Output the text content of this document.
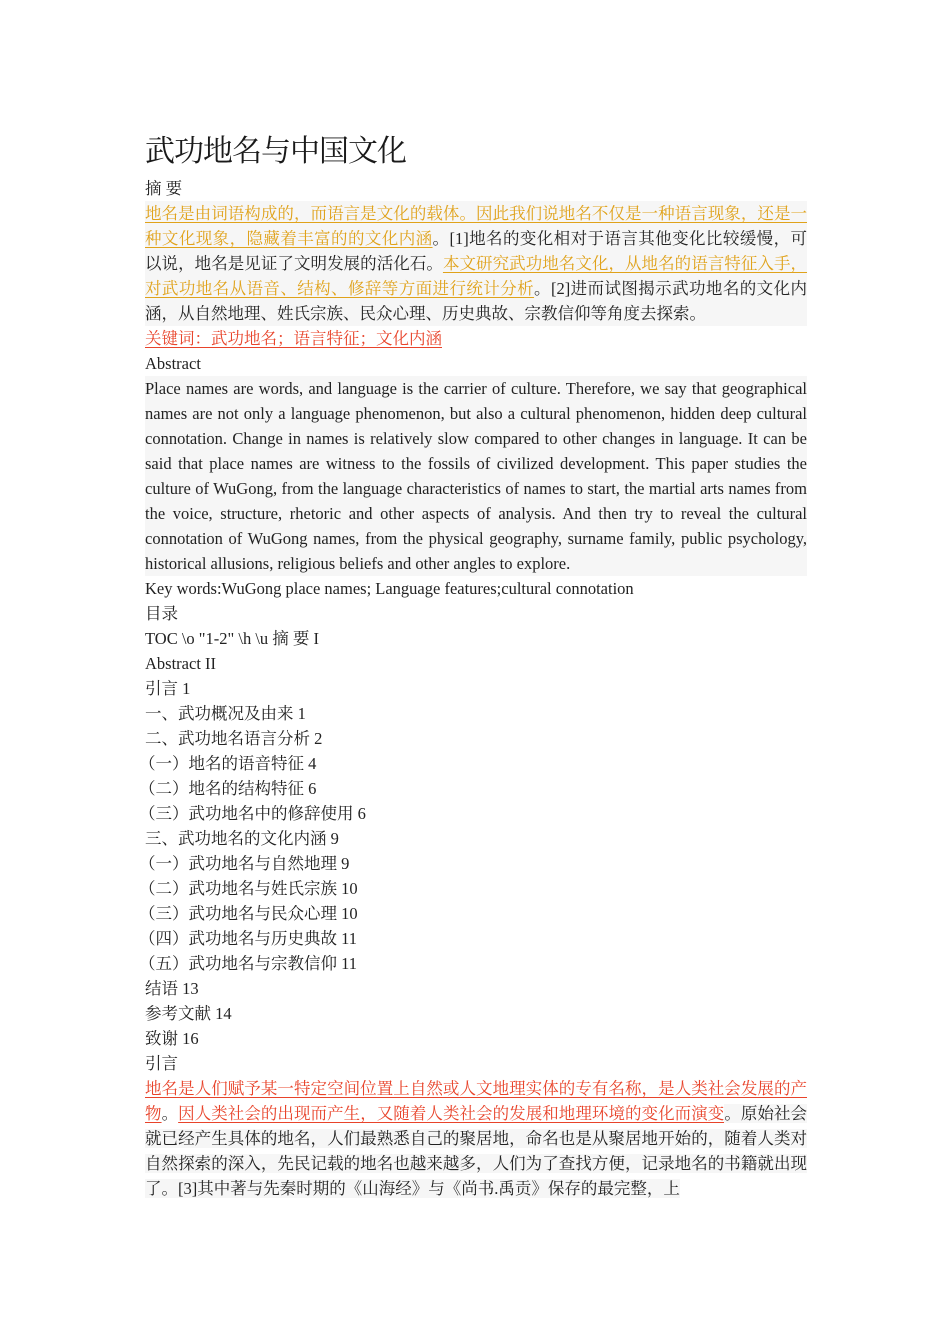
武功地名与中国文化

摘 要

地名是由词语构成的，而语言是文化的载体。因此我们说地名不仅是一种语言现象，还是一种文化现象，隐藏着丰富的的文化内涵。[1]地名的变化相对于语言其他变化比较缓慢，可以说，地名是见证了文明发展的活化石。本文研究武功地名文化，从地名的语言特征入手，对武功地名从语音、结构、修辞等方面进行统计分析。[2]进而试图揭示武功地名的文化内涵，从自然地理、姓氏宗族、民众心理、历史典故、宗教信仰等角度去探索。

关键词：武功地名；语言特征；文化内涵

Abstract

Place names are words, and language is the carrier of culture. Therefore, we say that geographical names are not only a language phenomenon, but also a cultural phenomenon, hidden deep cultural connotation. Change in names is relatively slow compared to other changes in language. It can be said that place names are witness to the fossils of civilized development. This paper studies the culture of WuGong, from the language characteristics of names to start, the martial arts names from the voice, structure, rhetoric and other aspects of analysis. And then try to reveal the cultural connotation of WuGong names, from the physical geography, surname family, public psychology, historical allusions, religious beliefs and other angles to explore.

Key words:WuGong place names; Language features;cultural connotation

目录

TOC \o "1-2" \h \u 摘 要 I

Abstract II

引言 1

一、武功概况及由来 1

二、武功地名语言分析 2

（一）地名的语音特征 4

（二）地名的结构特征 6

（三）武功地名中的修辞使用 6

三、武功地名的文化内涵 9

（一）武功地名与自然地理 9

（二）武功地名与姓氏宗族 10

（三）武功地名与民众心理 10

（四）武功地名与历史典故 11

（五）武功地名与宗教信仰 11

结语 13

参考文献 14

致谢 16

引言

地名是人们赋予某一特定空间位置上自然或人文地理实体的专有名称，是人类社会发展的产物。因人类社会的出现而产生，又随着人类社会的发展和地理环境的变化而演变。原始社会就已经产生具体的地名，人们最熟悉自己的聚居地，命名也是从聚居地开始的，随着人类对自然探索的深入，先民记载的地名也越来越多，人们为了查找方便，记录地名的书籍就出现了。[3]其中著与先秦时期的《山海经》与《尚书.禹贡》保存的最完整，上
